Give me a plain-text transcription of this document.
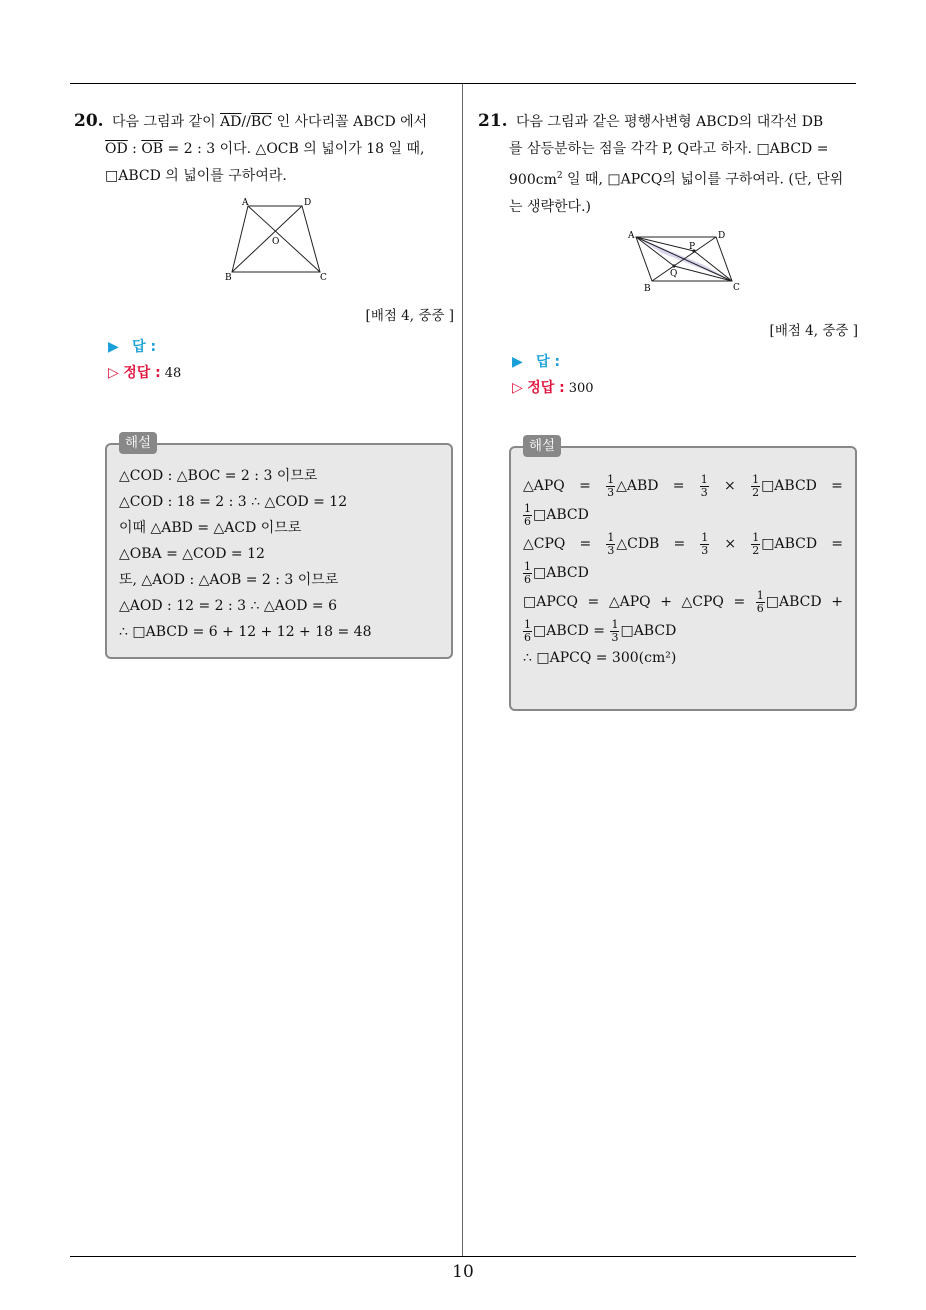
20. 다음 그림과 같이 $\overline{AD}//\overline{BC}$ 인 사다리꼴 ABCD 에서
$\overline{OD}$ : $\overline{OB} = 2$ : 3 이다. △OCB 의 넓이가 18 일 때,
□ABCD 의 넓이를 구하여라.
A	D
B	C
O
[배점 4, 중중 ]
▶ 답 :
▷ 정답 : 48
해설
△COD : △BOC = 2 : 3 이므로
△COD : 18 = 2 : 3 ∴ △COD = 12
이때 △ABD = △ACD 이므로
△OBA = △COD = 12
또, △AOD : △AOB = 2 : 3 이므로
△AOD : 12 = 2 : 3 ∴ △AOD = 6
∴ □ABCD = 6 + 12 + 12 + 18 = 48
21. 다음 그림과 같은 평행사변형 ABCD의 대각선 DB
를 삼등분하는 점을 각각 P, Q라고 하자. □ABCD =
$900cm^2$ 일 때, □APCQ의 넓이를 구하여라. (단, 단위
는 생략한다.)
A	D
B	C
P
Q
[배점 4, 중중 ]
▶ 답 :
▷ 정답 : 300
해설
△APQ = $\frac{1}{3}$ △ABD = $\frac{1}{3} \times \frac{1}{2}$ □ABCD =
$\frac{1}{6}$ □ABCD
△CPQ = $\frac{1}{3}$ △CDB = $\frac{1}{3} \times \frac{1}{2}$ □ABCD =
$\frac{1}{6}$ □ABCD
□APCQ = △APQ + △CPQ = $\frac{1}{6}$ □ABCD +
$\frac{1}{6}$ □ABCD = $\frac{1}{3}$ □ABCD
∴ □APCQ = 300(cm²)
10
